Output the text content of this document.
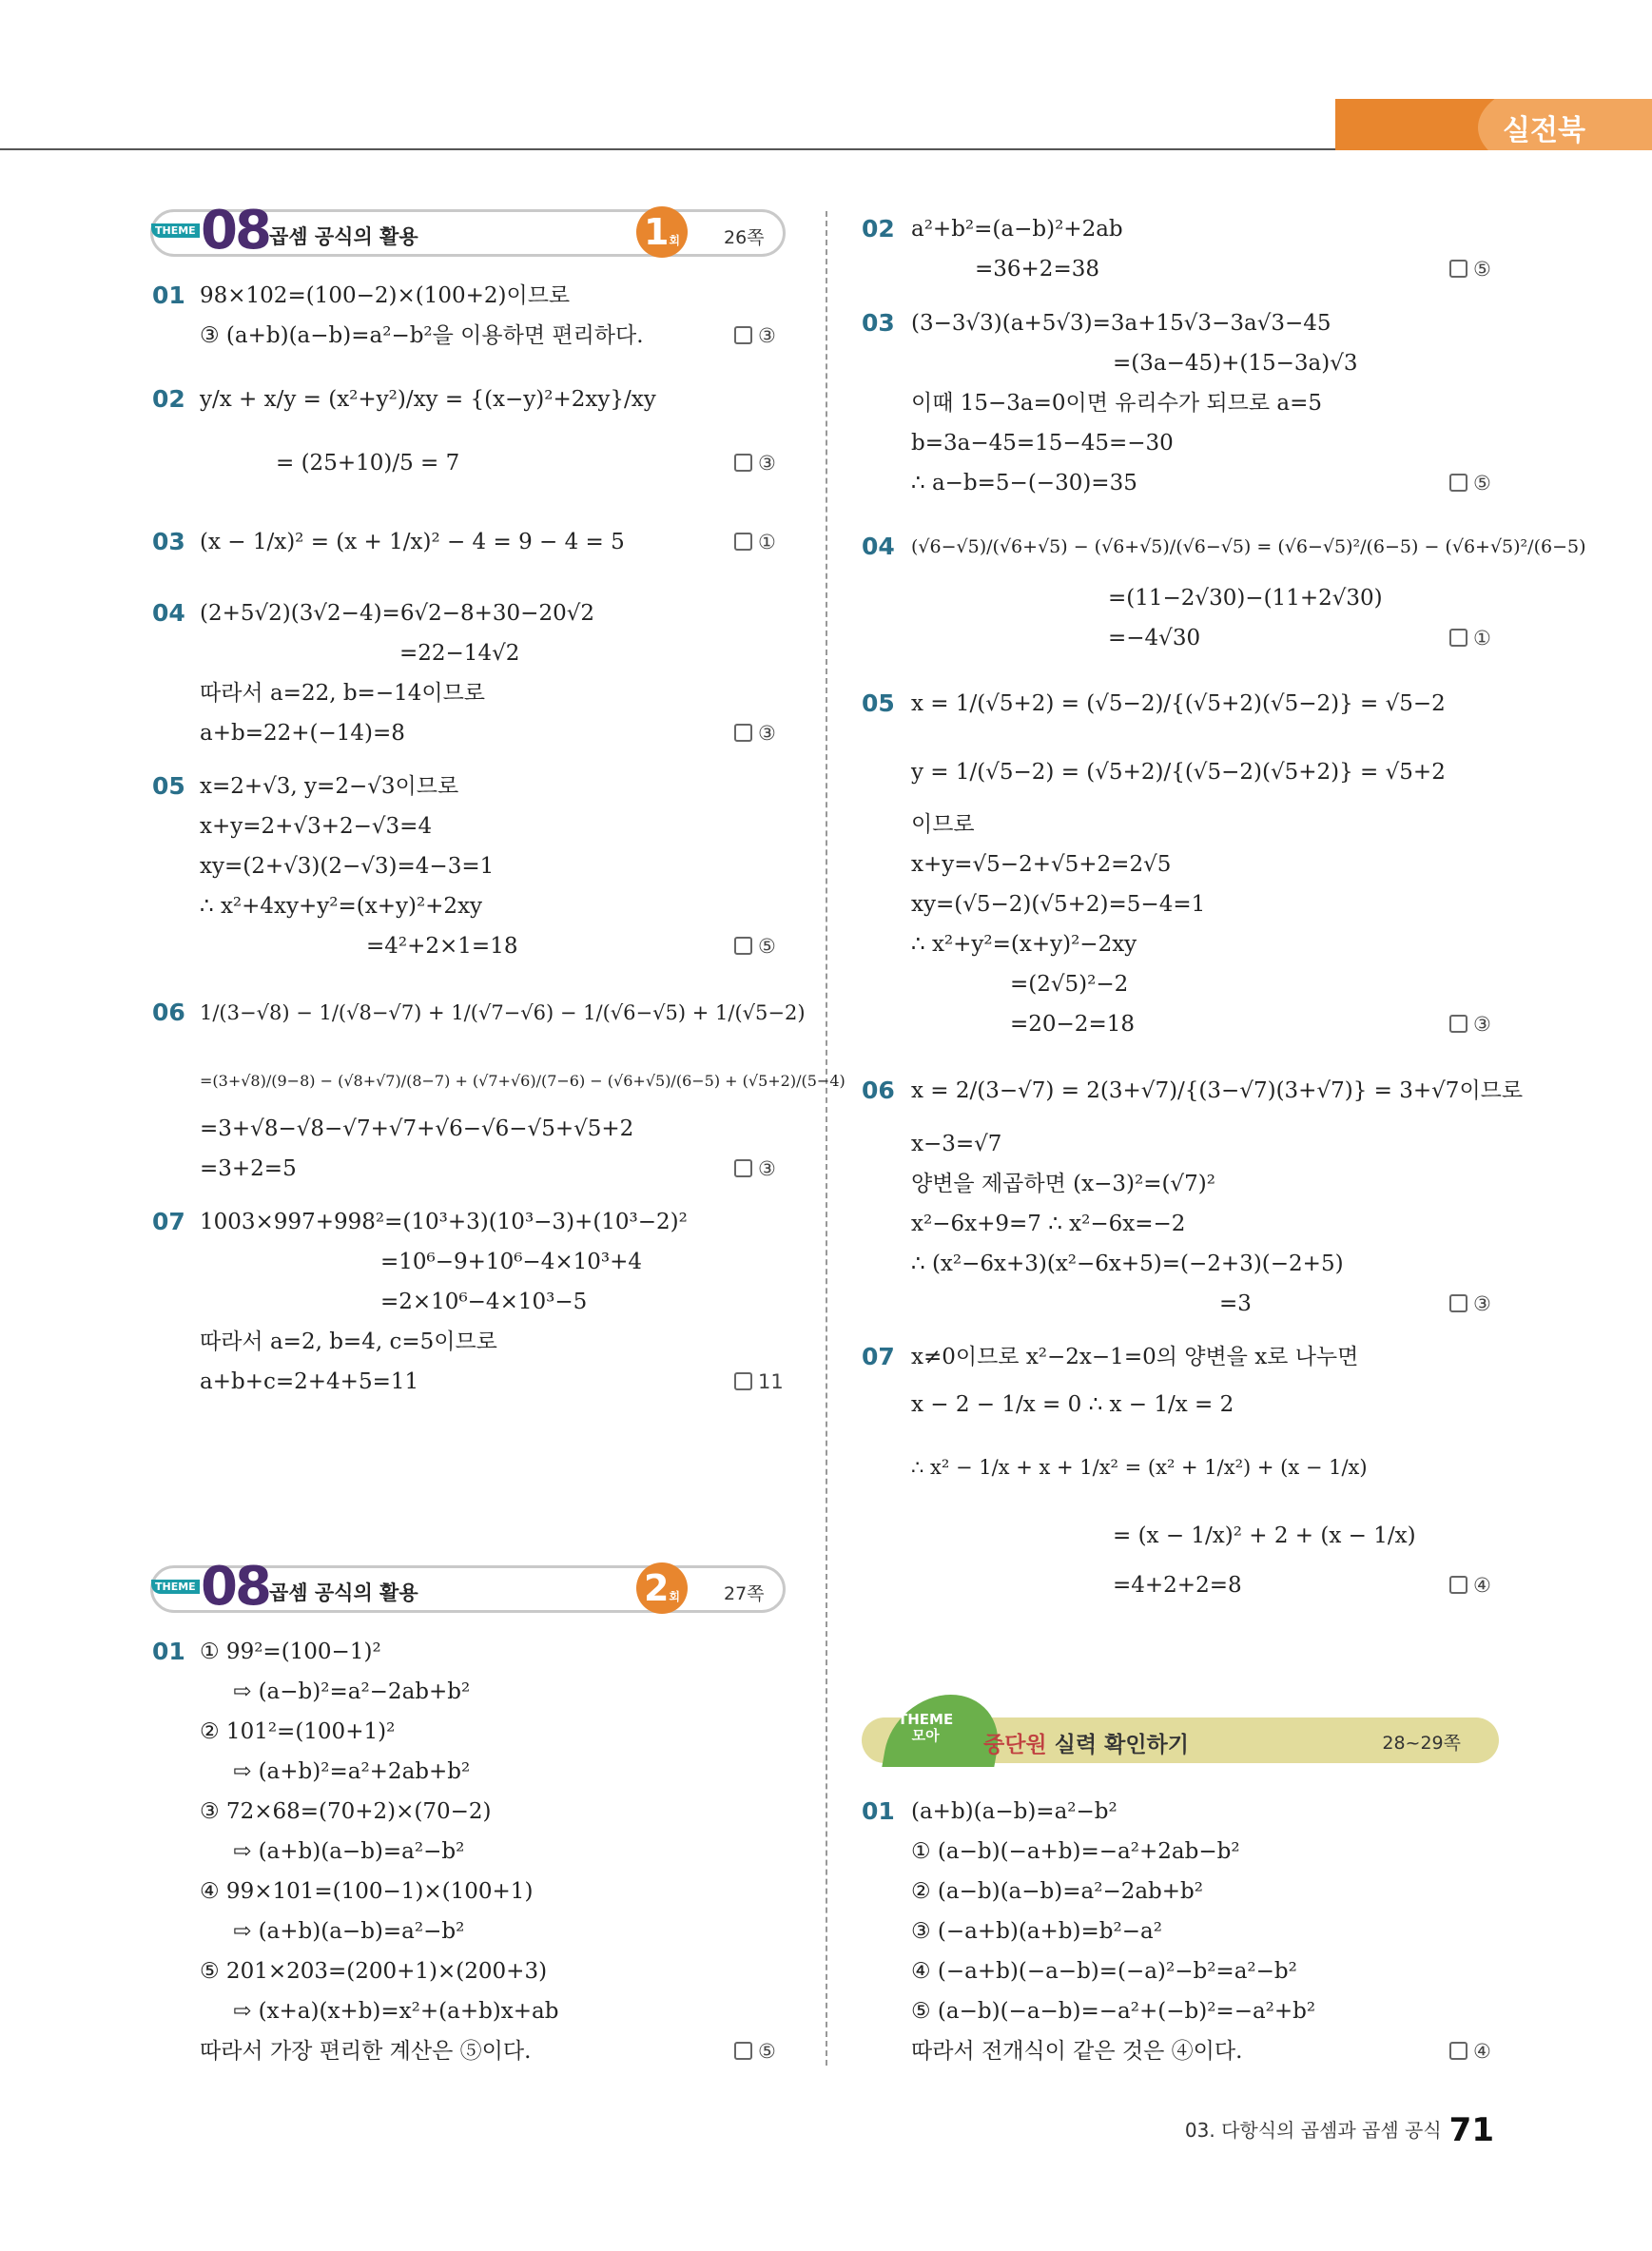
실전북
THEME 08 곱셈 공식의 활용	1회	26쪽
THEME 08 곱셈 공식의 활용	2회	27쪽
THEME
모아	중단원 실력 확인하기	28~29쪽
01 98×102=(100−2)×(100+2)이므로
③ (a+b)(a−b)=a²−b²을 이용하면 편리하다.	③
02 y/x + x/y = (x²+y²)/xy = {(x−y)²+2xy}/xy
= (25+10)/5 = 7	③
03 (x − 1/x)² = (x + 1/x)² − 4 = 9 − 4 = 5	①
04 (2+5√2)(3√2−4)=6√2−8+30−20√2
=22−14√2
따라서 a=22, b=−14이므로
a+b=22+(−14)=8	③
05 x=2+√3, y=2−√3이므로
x+y=2+√3+2−√3=4
xy=(2+√3)(2−√3)=4−3=1
∴ x²+4xy+y²=(x+y)²+2xy
=4²+2×1=18	⑤
06 1/(3−√8) − 1/(√8−√7) + 1/(√7−√6) − 1/(√6−√5) + 1/(√5−2)
=(3+√8)/(9−8) − (√8+√7)/(8−7) + (√7+√6)/(7−6) − (√6+√5)/(6−5) + (√5+2)/(5−4)
=3+√8−√8−√7+√7+√6−√6−√5+√5+2
=3+2=5	③
07 1003×997+998²=(10³+3)(10³−3)+(10³−2)²
=10⁶−9+10⁶−4×10³+4
=2×10⁶−4×10³−5
따라서 a=2, b=4, c=5이므로
a+b+c=2+4+5=11	11
01 ① 99²=(100−1)²
⇨ (a−b)²=a²−2ab+b²
② 101²=(100+1)²
⇨ (a+b)²=a²+2ab+b²
③ 72×68=(70+2)×(70−2)
⇨ (a+b)(a−b)=a²−b²
④ 99×101=(100−1)×(100+1)
⇨ (a+b)(a−b)=a²−b²
⑤ 201×203=(200+1)×(200+3)
⇨ (x+a)(x+b)=x²+(a+b)x+ab
따라서 가장 편리한 계산은 ⑤이다.	⑤
02 a²+b²=(a−b)²+2ab
=36+2=38	⑤
03 (3−3√3)(a+5√3)=3a+15√3−3a√3−45
=(3a−45)+(15−3a)√3
이때 15−3a=0이면 유리수가 되므로 a=5
b=3a−45=15−45=−30
∴ a−b=5−(−30)=35	⑤
04 (√6−√5)/(√6+√5) − (√6+√5)/(√6−√5) = (√6−√5)²/(6−5) − (√6+√5)²/(6−5)
=(11−2√30)−(11+2√30)
=−4√30	①
05 x = 1/(√5+2) = (√5−2)/{(√5+2)(√5−2)} = √5−2
y = 1/(√5−2) = (√5+2)/{(√5−2)(√5+2)} = √5+2
이므로
x+y=√5−2+√5+2=2√5
xy=(√5−2)(√5+2)=5−4=1
∴ x²+y²=(x+y)²−2xy
=(2√5)²−2
=20−2=18	③
06 x = 2/(3−√7) = 2(3+√7)/{(3−√7)(3+√7)} = 3+√7이므로
x−3=√7
양변을 제곱하면 (x−3)²=(√7)²
x²−6x+9=7 ∴ x²−6x=−2
∴ (x²−6x+3)(x²−6x+5)=(−2+3)(−2+5)
=3	③
07 x≠0이므로 x²−2x−1=0의 양변을 x로 나누면
x − 2 − 1/x = 0 ∴ x − 1/x = 2
∴ x² − 1/x + x + 1/x² = (x² + 1/x²) + (x − 1/x)
= (x − 1/x)² + 2 + (x − 1/x)
=4+2+2=8	④
01 (a+b)(a−b)=a²−b²
① (a−b)(−a+b)=−a²+2ab−b²
② (a−b)(a−b)=a²−2ab+b²
③ (−a+b)(a+b)=b²−a²
④ (−a+b)(−a−b)=(−a)²−b²=a²−b²
⑤ (a−b)(−a−b)=−a²+(−b)²=−a²+b²
따라서 전개식이 같은 것은 ④이다.	④
03. 다항식의 곱셈과 곱셈 공식 71
